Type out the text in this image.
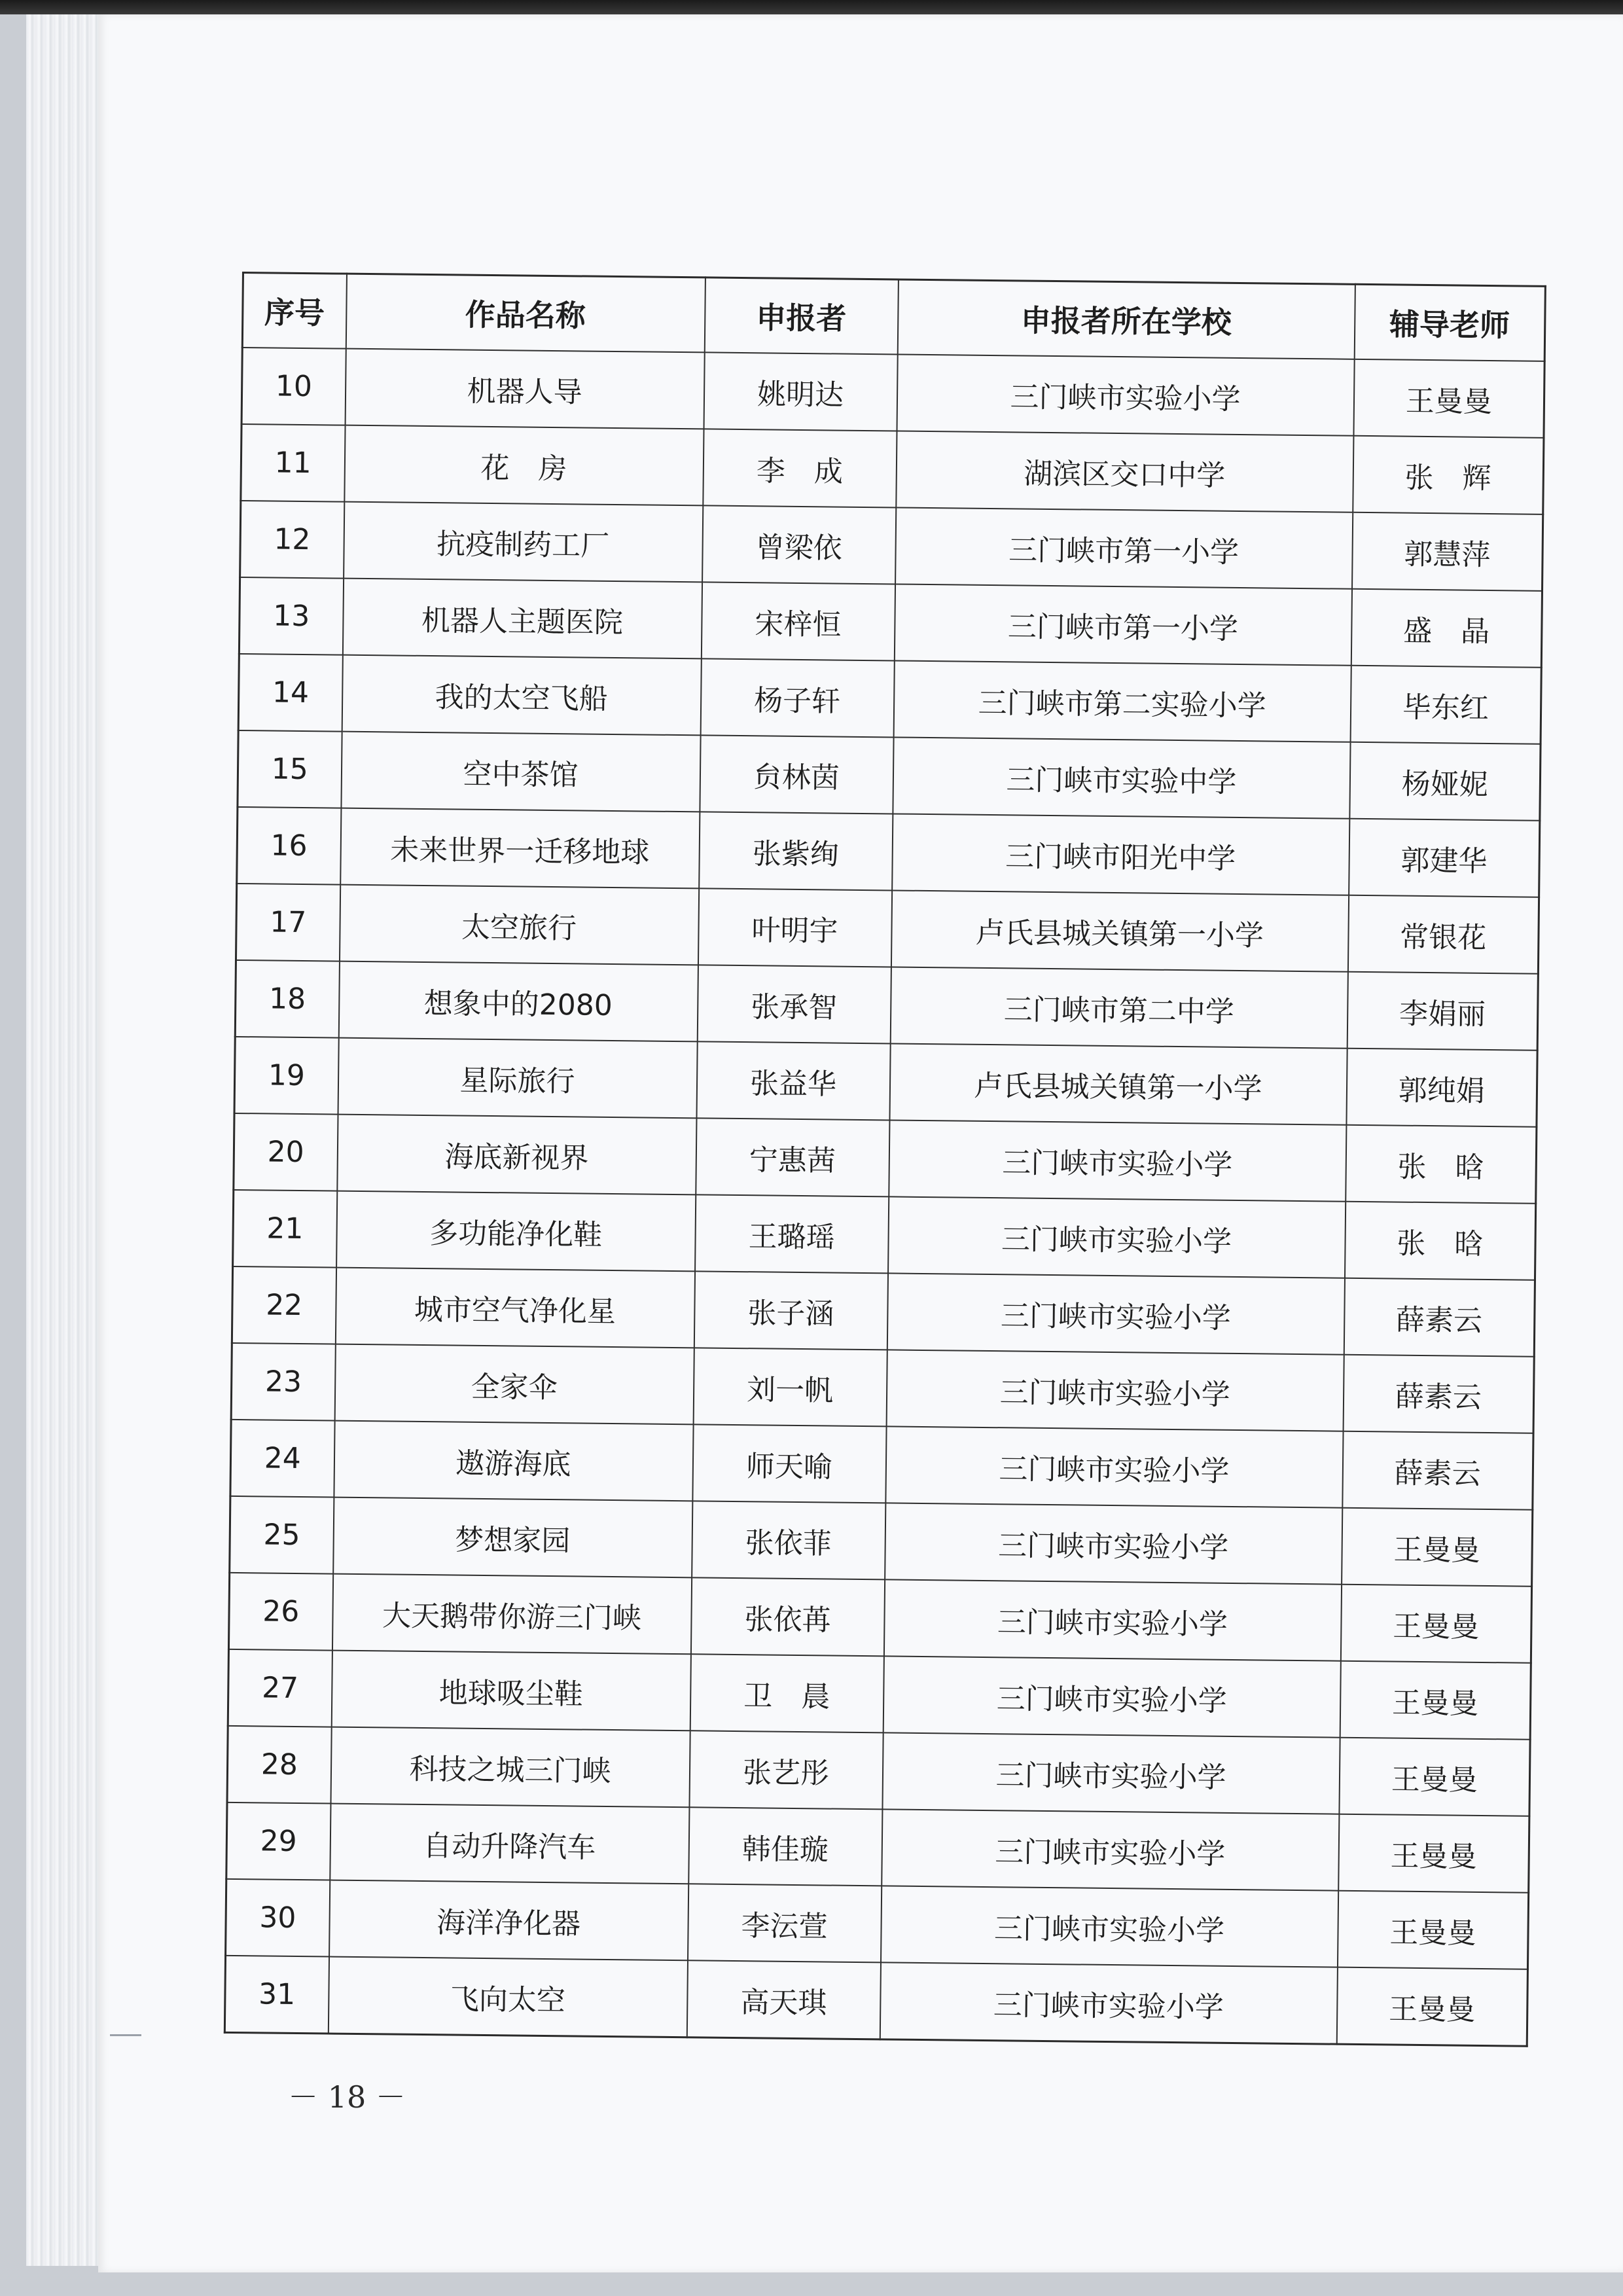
序号	作品名称	申报者	申报者所在学校	辅导老师
10	机器人导	姚明达	三门峡市实验小学	王曼曼
11	花　房	李　成	湖滨区交口中学	张　辉
12	抗疫制药工厂	曾梁依	三门峡市第一小学	郭慧萍
13	机器人主题医院	宋梓恒	三门峡市第一小学	盛　晶
14	我的太空飞船	杨子轩	三门峡市第二实验小学	毕东红
15	空中茶馆	贠林茵	三门峡市实验中学	杨娅妮
16	未来世界一迁移地球	张紫绚	三门峡市阳光中学	郭建华
17	太空旅行	叶明宇	卢氏县城关镇第一小学	常银花
18	想象中的2080	张承智	三门峡市第二中学	李娟丽
19	星际旅行	张益华	卢氏县城关镇第一小学	郭纯娟
20	海底新视界	宁惠茜	三门峡市实验小学	张　晗
21	多功能净化鞋	王璐瑶	三门峡市实验小学	张　晗
22	城市空气净化星	张子涵	三门峡市实验小学	薛素云
23	全家伞	刘一帆	三门峡市实验小学	薛素云
24	遨游海底	师天喻	三门峡市实验小学	薛素云
25	梦想家园	张依菲	三门峡市实验小学	王曼曼
26	大天鹅带你游三门峡	张依苒	三门峡市实验小学	王曼曼
27	地球吸尘鞋	卫　晨	三门峡市实验小学	王曼曼
28	科技之城三门峡	张艺彤	三门峡市实验小学	王曼曼
29	自动升降汽车	韩佳璇	三门峡市实验小学	王曼曼
30	海洋净化器	李沄萱	三门峡市实验小学	王曼曼
31	飞向太空	高天琪	三门峡市实验小学	王曼曼
－ 18 －
